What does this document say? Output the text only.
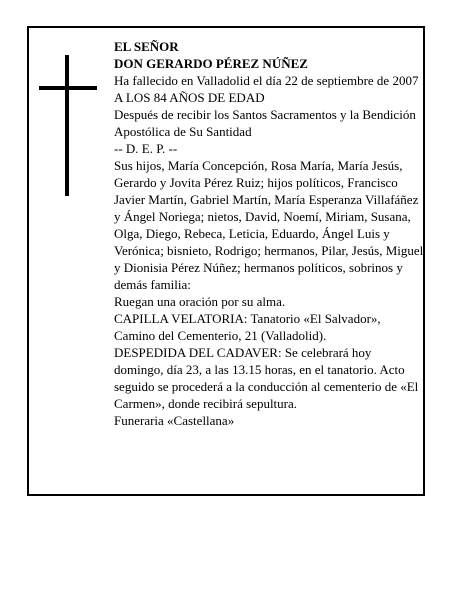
EL SEÑOR

DON GERARDO PÉREZ NÚÑEZ

Ha fallecido en Valladolid el día 22 de septiembre de 2007

A LOS 84 AÑOS DE EDAD

Después de recibir los Santos Sacramentos y la Bendición Apostólica de Su Santidad

-- D. E. P. --

Sus hijos, María Concepción, Rosa María, María Jesús, Gerardo y Jovita Pérez Ruiz; hijos políticos, Francisco Javier Martín, Gabriel Martín, María Esperanza Villafáñez y Ángel Noriega; nietos, David, Noemí, Miriam, Susana, Olga, Diego, Rebeca, Leticia, Eduardo, Ángel Luis y Verónica; bisnieto, Rodrigo; hermanos, Pilar, Jesús, Miguel y Dionisia Pérez Núñez; hermanos políticos, sobrinos y demás familia:

Ruegan una oración por su alma.

CAPILLA VELATORIA: Tanatorio «El Salvador», Camino del Cementerio, 21 (Valladolid).

DESPEDIDA DEL CADAVER: Se celebrará hoy domingo, día 23, a las 13.15 horas, en el tanatorio. Acto seguido se procederá a la conducción al cementerio de «El Carmen», donde recibirá sepultura.

Funeraria «Castellana»
